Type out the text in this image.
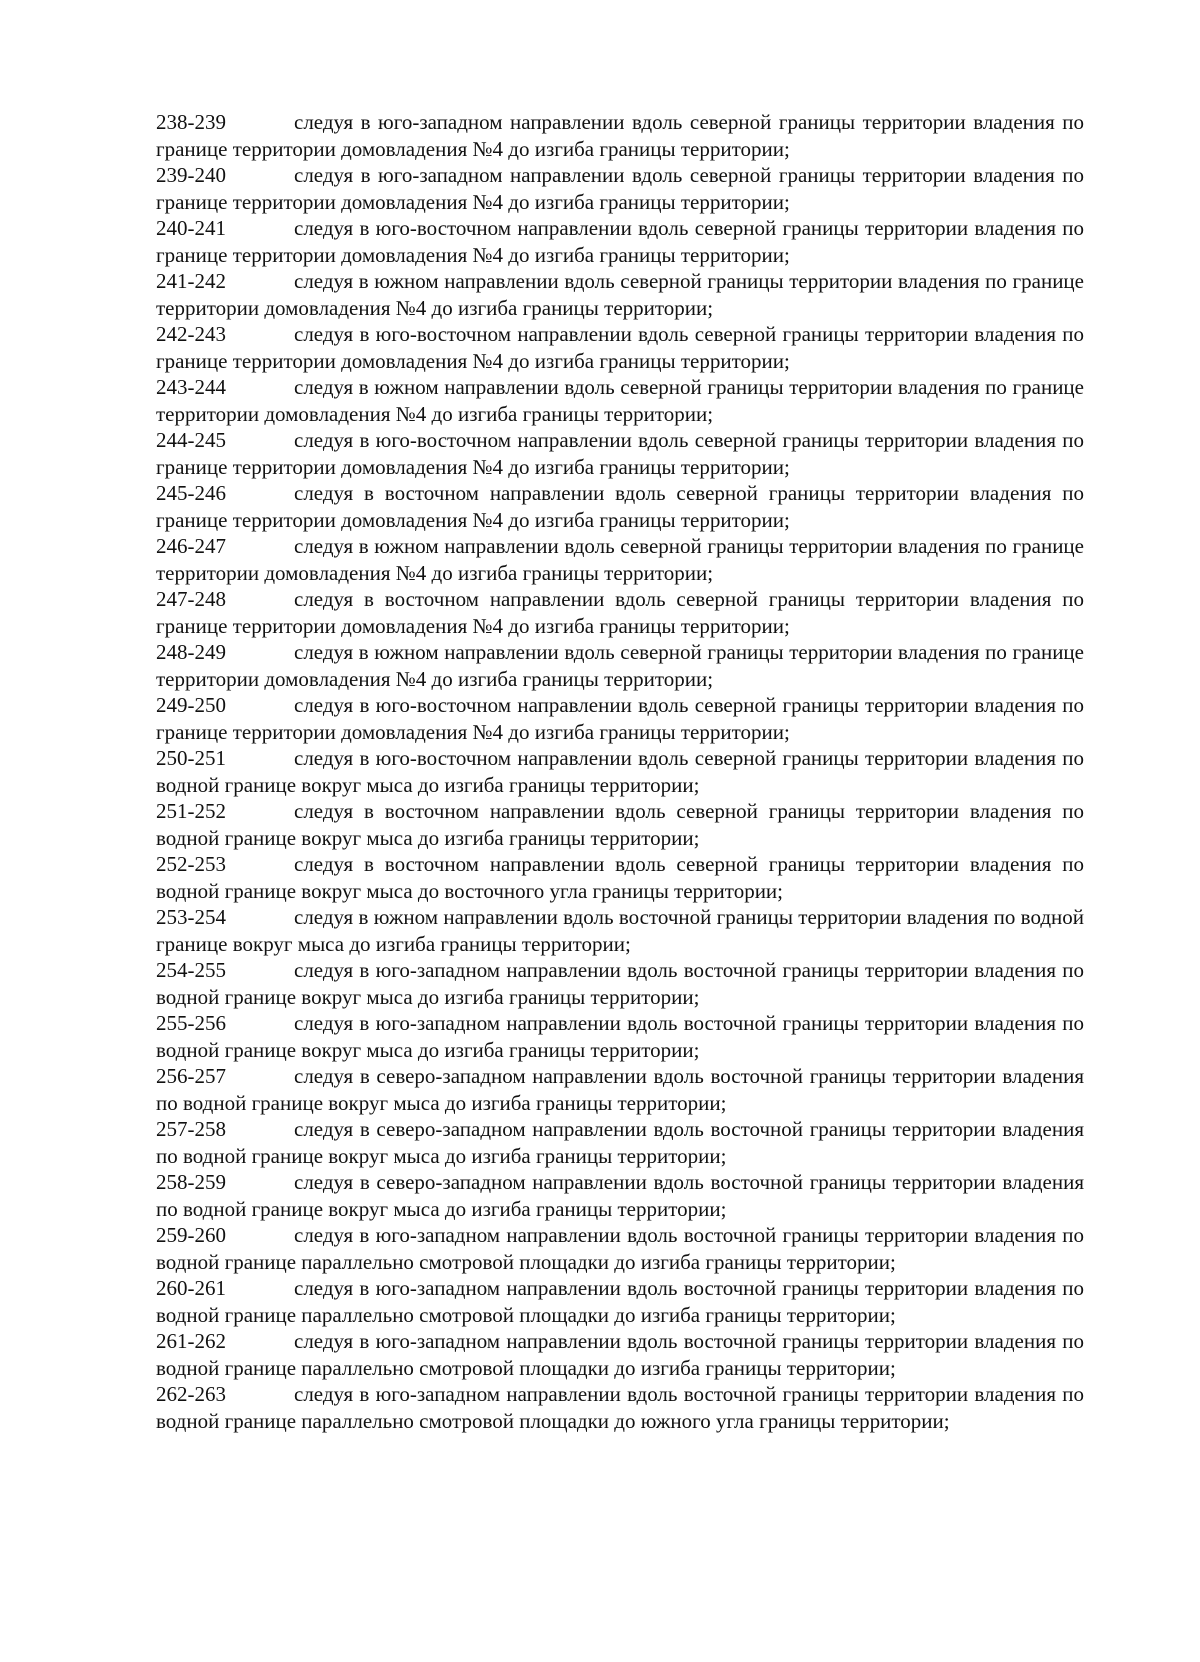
238-239	следуя в юго-западном направлении вдоль северной границы территории владения по границе территории домовладения №4 до изгиба границы территории;

239-240	следуя в юго-западном направлении вдоль северной границы территории владения по границе территории домовладения №4 до изгиба границы территории;

240-241	следуя в юго-восточном направлении вдоль северной границы территории владения по границе территории домовладения №4 до изгиба границы территории;

241-242	следуя в южном направлении вдоль северной границы территории владения по границе территории домовладения №4 до изгиба границы территории;

242-243	следуя в юго-восточном направлении вдоль северной границы территории владения по границе территории домовладения №4 до изгиба границы территории;

243-244	следуя в южном направлении вдоль северной границы территории владения по границе территории домовладения №4 до изгиба границы территории;

244-245	следуя в юго-восточном направлении вдоль северной границы территории владения по границе территории домовладения №4 до изгиба границы территории;

245-246	следуя в восточном направлении вдоль северной границы территории владения по границе территории домовладения №4 до изгиба границы территории;

246-247	следуя в южном направлении вдоль северной границы территории владения по границе территории домовладения №4 до изгиба границы территории;

247-248	следуя в восточном направлении вдоль северной границы территории владения по границе территории домовладения №4 до изгиба границы территории;

248-249	следуя в южном направлении вдоль северной границы территории владения по границе территории домовладения №4 до изгиба границы территории;

249-250	следуя в юго-восточном направлении вдоль северной границы территории владения по границе территории домовладения №4 до изгиба границы территории;

250-251	следуя в юго-восточном направлении вдоль северной границы территории владения по водной границе вокруг мыса до изгиба границы территории;

251-252	следуя в восточном направлении вдоль северной границы территории владения по водной границе вокруг мыса до изгиба границы территории;

252-253	следуя в восточном направлении вдоль северной границы территории владения по водной границе вокруг мыса до восточного угла границы территории;

253-254	следуя в южном направлении вдоль восточной границы территории владения по водной границе вокруг мыса до изгиба границы территории;

254-255	следуя в юго-западном направлении вдоль восточной границы территории владения по водной границе вокруг мыса до изгиба границы территории;

255-256	следуя в юго-западном направлении вдоль восточной границы территории владения по водной границе вокруг мыса до изгиба границы территории;

256-257	следуя в северо-западном направлении вдоль восточной границы территории владения по водной границе вокруг мыса до изгиба границы территории;

257-258	следуя в северо-западном направлении вдоль восточной границы территории владения по водной границе вокруг мыса до изгиба границы территории;

258-259	следуя в северо-западном направлении вдоль восточной границы территории владения по водной границе вокруг мыса до изгиба границы территории;

259-260	следуя в юго-западном направлении вдоль восточной границы территории владения по водной границе параллельно смотровой площадки до изгиба границы территории;

260-261	следуя в юго-западном направлении вдоль восточной границы территории владения по водной границе параллельно смотровой площадки до изгиба границы территории;

261-262	следуя в юго-западном направлении вдоль восточной границы территории владения по водной границе параллельно смотровой площадки до изгиба границы территории;

262-263	следуя в юго-западном направлении вдоль восточной границы территории владения по водной границе параллельно смотровой площадки до южного угла границы территории;
